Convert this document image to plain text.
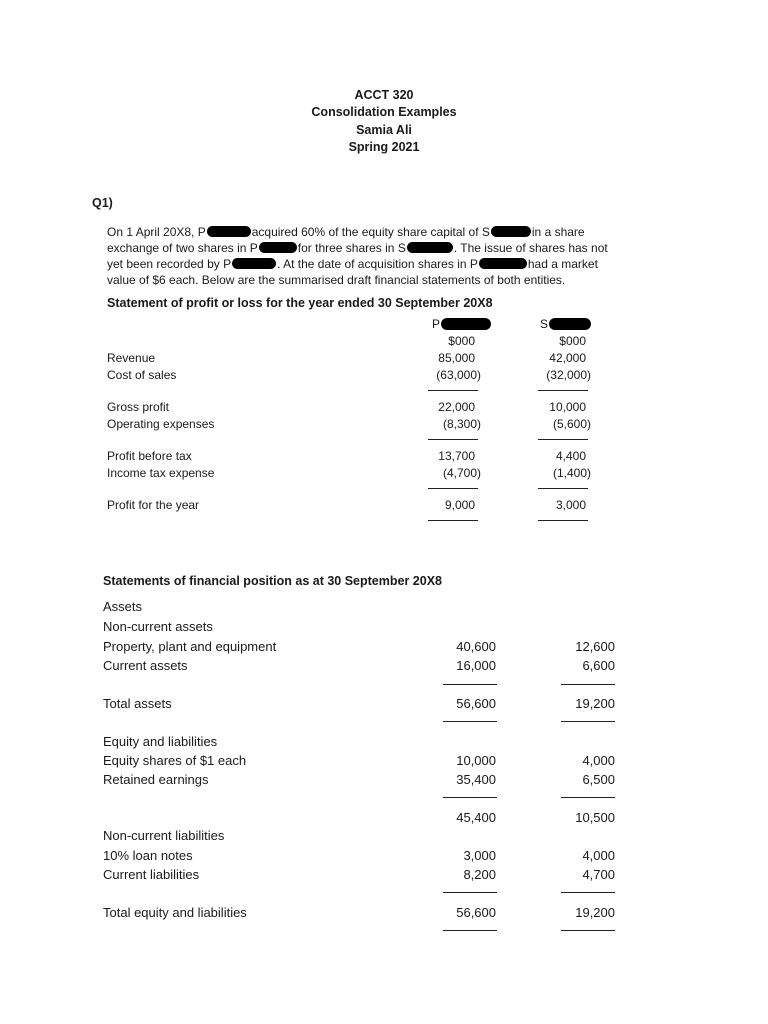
ACCT 320
Consolidation Examples
Samia Ali
Spring 2021
Q1)
On 1 April 20X8, P	acquired 60% of the equity share capital of S	in a share
exchange of two shares in P	for three shares in S	. The issue of shares has not
yet been recorded by P	. At the date of acquisition shares in P	had a market
value of $6 each. Below are the summarised draft financial statements of both entities.
Statement of profit or loss for the year ended 30 September 20X8
P	S
$000	$000
Revenue	85,000	42,000
Cost of sales	(63,000)	(32,000)
Gross profit	22,000	10,000
Operating expenses	(8,300)	(5,600)
Profit before tax	13,700	4,400
Income tax expense	(4,700)	(1,400)
Profit for the year	9,000	3,000
Statements of financial position as at 30 September 20X8
Assets
Non-current assets
Property, plant and equipment	40,600	12,600
Current assets	16,000	6,600
Total assets	56,600	19,200
Equity and liabilities
Equity shares of $1 each	10,000	4,000
Retained earnings	35,400	6,500
45,400	10,500
Non-current liabilities
10% loan notes	3,000	4,000
Current liabilities	8,200	4,700
Total equity and liabilities	56,600	19,200
